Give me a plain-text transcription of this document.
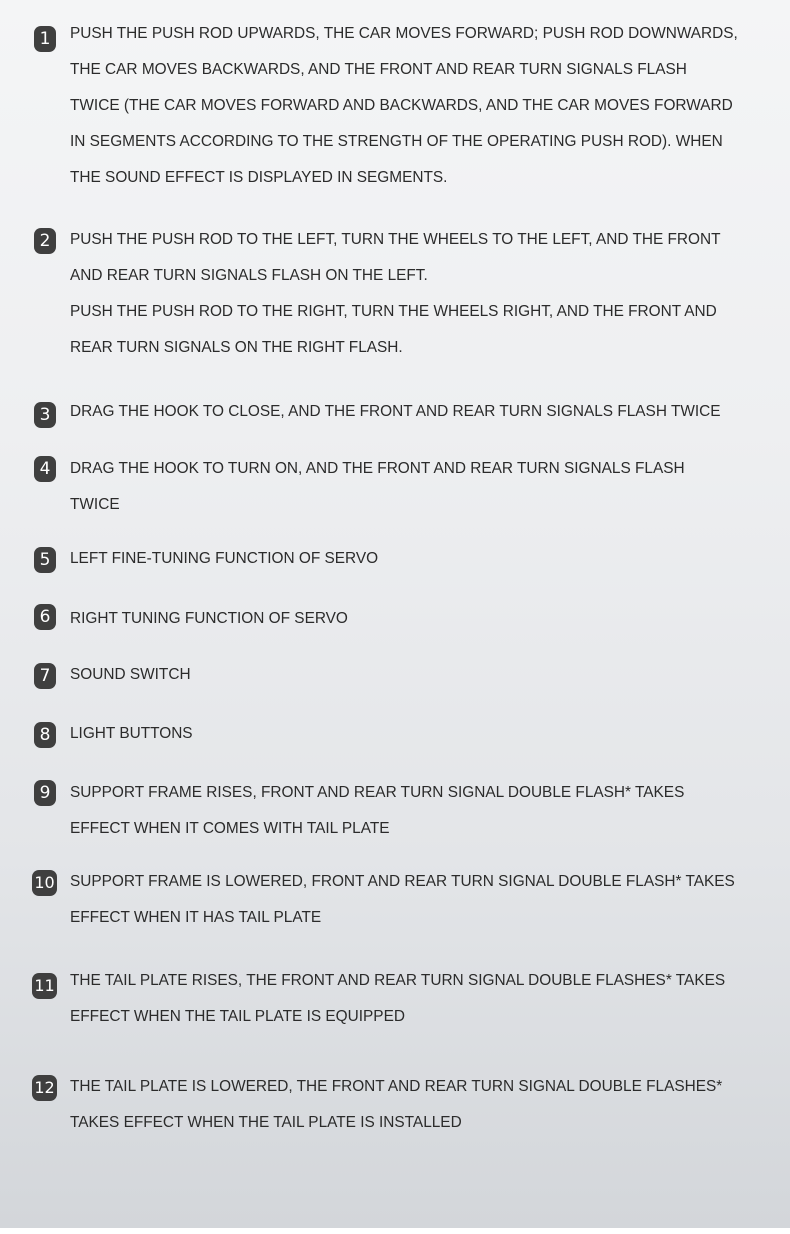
1	PUSH THE PUSH ROD UPWARDS, THE CAR MOVES FORWARD; PUSH ROD DOWNWARDS,
THE CAR MOVES BACKWARDS, AND THE FRONT AND REAR TURN SIGNALS FLASH
TWICE (THE CAR MOVES FORWARD AND BACKWARDS, AND THE CAR MOVES FORWARD
IN SEGMENTS ACCORDING TO THE STRENGTH OF THE OPERATING PUSH ROD). WHEN
THE SOUND EFFECT IS DISPLAYED IN SEGMENTS.

2	PUSH THE PUSH ROD TO THE LEFT, TURN THE WHEELS TO THE LEFT, AND THE FRONT
AND REAR TURN SIGNALS FLASH ON THE LEFT.
PUSH THE PUSH ROD TO THE RIGHT, TURN THE WHEELS RIGHT, AND THE FRONT AND
REAR TURN SIGNALS ON THE RIGHT FLASH.

3	DRAG THE HOOK TO CLOSE, AND THE FRONT AND REAR TURN SIGNALS FLASH TWICE

4	DRAG THE HOOK TO TURN ON, AND THE FRONT AND REAR TURN SIGNALS FLASH
TWICE

5	LEFT FINE-TUNING FUNCTION OF SERVO

6	RIGHT TUNING FUNCTION OF SERVO

7	SOUND SWITCH

8	LIGHT BUTTONS

9	SUPPORT FRAME RISES, FRONT AND REAR TURN SIGNAL DOUBLE FLASH* TAKES
EFFECT WHEN IT COMES WITH TAIL PLATE

10 SUPPORT FRAME IS LOWERED, FRONT AND REAR TURN SIGNAL DOUBLE FLASH* TAKES
EFFECT WHEN IT HAS TAIL PLATE

11 THE TAIL PLATE RISES, THE FRONT AND REAR TURN SIGNAL DOUBLE FLASHES* TAKES
EFFECT WHEN THE TAIL PLATE IS EQUIPPED

12 THE TAIL PLATE IS LOWERED, THE FRONT AND REAR TURN SIGNAL DOUBLE FLASHES*
TAKES EFFECT WHEN THE TAIL PLATE IS INSTALLED
